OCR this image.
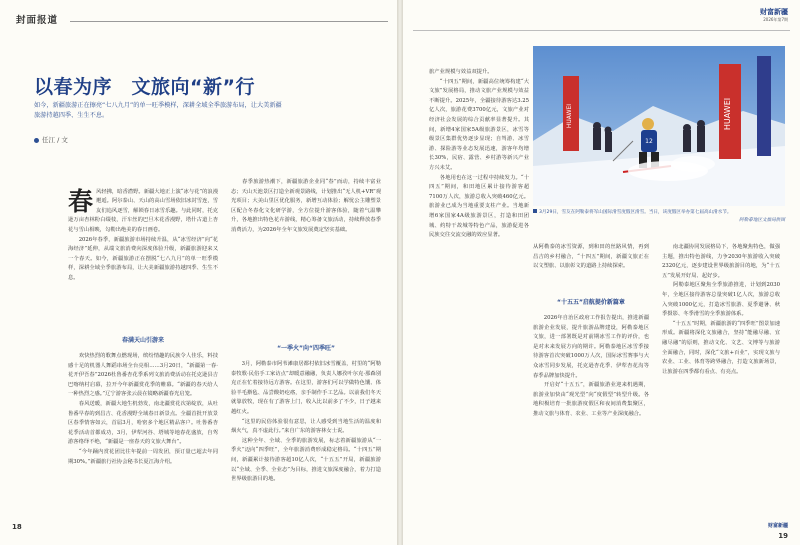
封面报道
以春为序　文旅向“新”行
如今，新疆旅游正在擦亮“七八九月”的单一旺季模样，深耕全域全季旅游布局，让大美新疆旅游持越四季、生生不息。
任江 / 文

春风轻拂，暗香潜野。新疆大地正上演“冰与花”的浪漫邂逅。阿尔泰山、天山的高山雪场依旧冰封雪连，雪友们追风逐雪，解锁春日冰雪乐趣。与此同时，托克逊万亩杏林粉白缀枝，汗车丝的巴旦木花香漫野，塔什古道上杏花与雪山相映，勾勒出绝美的春日画卷。
　　2026年春季，新疆旅游市场持续升温，从“冰雪经济”向“花海经济”延伸，从端文旅消费向深度体验升级，新疆旅游迎来又一个春天。如今，新疆旅游正在摆脱“七八九月”的单一旺季模样，深耕全域全季旅游布局，让大美新疆旅游持越四季、生生不息。

春满天山引游来
　　欢快热烈的歌舞点燃现场，缤纷情趣的民族令人佳乐，料技感十足的机器人舞蹈串场全台亮相……3月20日，“新疆第一春·花开伊吾春”2026杜鲁番杏花季系列文旅消费活动在托克逊县吉巴喀纳村启幕，拉开今年新疆赏花季的帷幕。“新疆的春天给人一种热烈之感。”辽宁游客张云晨在镜略新疆春光启笼。
　　春风送暖，新疆大地生机勃发，南北疆赏花次第绽放，从吐鲁番早春的到昌吉、花香漫野全域春日新景点。全疆首批开放景区春季情客如云，首届3月，哈密多个地区精品客户。吐鲁番杏花季活动首都成功，3月，伊犁河谷、塔城等地春花盛放，自驾游客络绎不绝，“新疆是一座春天的文旅大舞台”。
　　“今年踊内赏花团比往年提前一周发团，预订量已超去年同期30%。”新疆旅行社协会秘书长夏江海介绍。
　　春季旅游热潮下，新疆旅游企业同“春”而动，持续丰富业态；天山天池景区打造全新观景路线，计划推出“无人机+VR”观光项目；大美山里区优化服务，新增互动体验；解忧公主雕塑景区配合冬春化文化研学游，全方位提升游客体验，随着气温攀升，各地推出特色花卉游线，精心筹备文旅活动，持续释放春季消费活力，为2026年全年文旅发展奠定坚实基础。
“一季火”向“四季旺”
　　3月，阿勒泰市阿苇滩康居都村依旧冰雪覆盖，村里的“阿勒泰牧歌·民俗手工家访点”却暖意融融，负责人娜孜叶尔克·那森别克正在忙着接待远方游客。在这里，游客们可以学做特色馕、体验羊毛擀毡、品尝酸奶疙瘩，亲手制作手工艺品。以前我们冬天就靠放牧，现在有了游客上门，收入比以前多了不少，日子越来越红火。
　　“这里的民俗体验很有意思，让人感受到当地生活的温度和烟火气，真不虚此行。”来自广东的游客林女士说。
　　这种全年、全域、全季的旅游发展，标志着新疆旅游从“一季火”迈向“四季旺”，全年旅游消费形成稳定格局。“十四五”期间，新疆累计接待游客超10亿人次，“十五五”开局，新疆旅游以“全域、全季、全业态”为目标，推进文旅深度融合，着力打造世界级旅游目的地。
18
财富新疆
2026年第7期
旅产业规模与效益双提升。
　　“十四五”期间，新疆高位统筹构建“大文旅”发展格局，推动文旅产业规模与效益不断提升。2025年，全疆接待游客达3.25亿人次，旅游花费3700亿元，文旅产业对经济社会发展的综合贡献率显著提升。其间，新增4家国家5A级旅游景区，冰雪等级景区集群优势逐步显现；自驾游、冰雪游、探险游等业态发展迅速，游客年均增长30%，民宿、露营、乡村游等新兴产业方兴未艾。
　　各地用也在这一过程中持续发力。“十四五”期间，和田地区累计接待游客超7100万人次，旅游总收入突破460亿元。旅游业已成为当地重要支柱产业。当地新增6家国家4A级旅游景区，打造和田团城、约特干故城等特色产品，旅游促进各民族交往交流交融的效应显著。
从阿勒泰的冰雪资源，到和田的丝路风情，再到昌吉的乡村融合，“十四五”期间，新疆文旅正在以文塑旅、以旅彰文的道路上持续探索。
“十五五”启航提价新篇章
　　2026年自治区政府工作报告提出，推进新疆旅游企业发展，提升旅游品牌建设，阿勒泰地区文旅，进一部署既是对前期冰雪工作的评价，也是对未来发展方向的期许。阿勒泰地区冰雪季接待游客首次突破1000万人次，国际冰雪赛事与大众冰雪同步发展，托克逊杏花季、伊犁杏花沟等春季品牌加快提升。
　　开启好“十五五”，新疆旅游业迎来机遇期，旅游业加快由“观光型”向“度假型”转型升级。各地积极培育一批旅游度假区和夜间消费集聚区，推动文旅与体育、农业、工业等产业深度融合。
　　南北疆协同发展格局下，各地聚焦特色，做强主题，推出特色游线，力争2030年旅游收入突破2320亿元，逐步建设世界级旅游目的地，为“十五五”发展开好局、起好步。
　　阿勒泰地区聚焦全季旅游推进，计划到2030年，全地区接待游客总量突破1亿人次，旅游总收入突破1000亿元，打造冰雪旅游、夏季避暑、秋季摄影、冬季滑雪的全季旅游体系。
　　“十五五”时期，新疆旅游的“四季旺”图景加速形成。新疆将深化文旅融合，坚持“能融尽融、宜融尽融”的原则，推动文化、文艺、文博等与旅游全面融合，同时，深化“文旅+百业”，实现文旅与农业、工业、体育等跨界融合，打造文旅新场景，让旅游在四季都有看点、有亮点。
财富新疆
19
HUAWEI	HUAWEI
12
3月29日，雪友在阿勒泰将军山国际滑雪度假区滑雪。当日，该度假区举办第七届高山滑水节。
阿勒泰地区文旅局供图
